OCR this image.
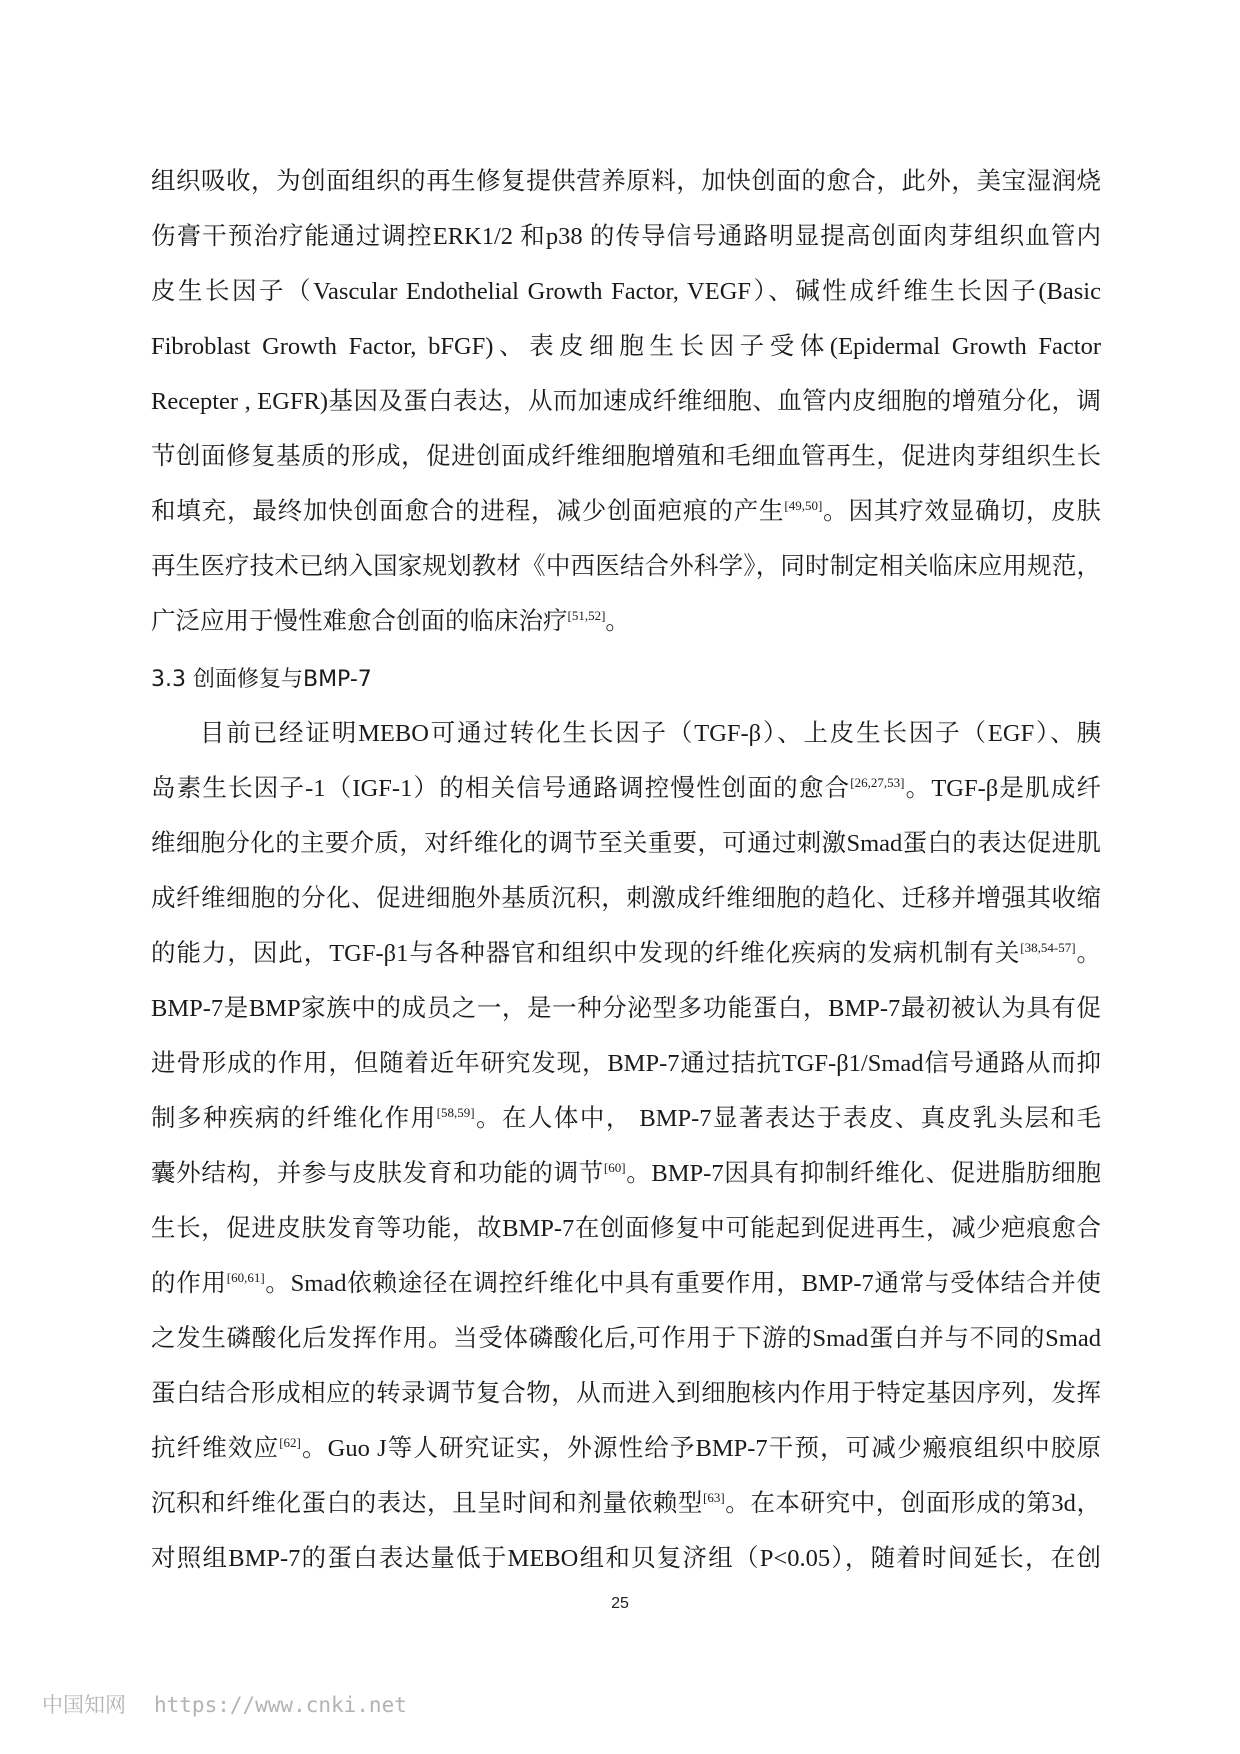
组织吸收，为创面组织的再生修复提供营养原料，加快创面的愈合，此外，美宝湿润烧
伤膏干预治疗能通过调控ERK1/2 和p38 的传导信号通路明显提高创面肉芽组织血管内
皮生长因子（Vascular Endothelial Growth Factor, VEGF）、碱性成纤维生长因子(Basic
Fibroblast Growth Factor, bFGF)、表皮细胞生长因子受体(Epidermal Growth Factor
Recepter , EGFR)基因及蛋白表达，从而加速成纤维细胞、血管内皮细胞的增殖分化，调
节创面修复基质的形成，促进创面成纤维细胞增殖和毛细血管再生，促进肉芽组织生长
和填充，最终加快创面愈合的进程，减少创面疤痕的产生[49,50]。因其疗效显确切，皮肤
再生医疗技术已纳入国家规划教材《中西医结合外科学》，同时制定相关临床应用规范，
广泛应用于慢性难愈合创面的临床治疗[51,52]。
3.3 创面修复与BMP-7
目前已经证明MEBO可通过转化生长因子（TGF-β）、上皮生长因子（EGF）、胰
岛素生长因子-1（IGF-1）的相关信号通路调控慢性创面的愈合[26,27,53]。TGF-β是肌成纤
维细胞分化的主要介质，对纤维化的调节至关重要，可通过刺激Smad蛋白的表达促进肌
成纤维细胞的分化、促进细胞外基质沉积，刺激成纤维细胞的趋化、迁移并增强其收缩
的能力，因此，TGF-β1与各种器官和组织中发现的纤维化疾病的发病机制有关[38,54-57]。
BMP-7是BMP家族中的成员之一，是一种分泌型多功能蛋白，BMP-7最初被认为具有促
进骨形成的作用，但随着近年研究发现，BMP-7通过拮抗TGF-β1/Smad信号通路从而抑
制多种疾病的纤维化作用[58,59]。在人体中， BMP-7显著表达于表皮、真皮乳头层和毛
囊外结构，并参与皮肤发育和功能的调节[60]。BMP-7因具有抑制纤维化、促进脂肪细胞
生长，促进皮肤发育等功能，故BMP-7在创面修复中可能起到促进再生，减少疤痕愈合
的作用[60,61]。Smad依赖途径在调控纤维化中具有重要作用，BMP-7通常与受体结合并使
之发生磷酸化后发挥作用。当受体磷酸化后,可作用于下游的Smad蛋白并与不同的Smad
蛋白结合形成相应的转录调节复合物，从而进入到细胞核内作用于特定基因序列，发挥
抗纤维效应[62]。Guo J等人研究证实，外源性给予BMP-7干预，可减少瘢痕组织中胶原
沉积和纤维化蛋白的表达，且呈时间和剂量依赖型[63]。在本研究中，创面形成的第3d，
对照组BMP-7的蛋白表达量低于MEBO组和贝复济组（P<0.05），随着时间延长，在创
25
中国知网 https://www.cnki.net
